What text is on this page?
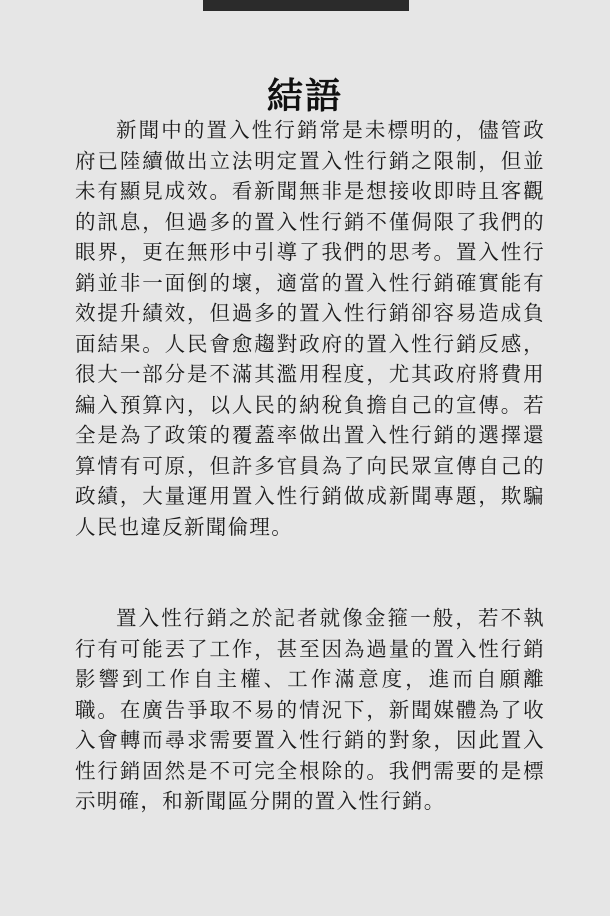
結語

新聞中的置入性行銷常是未標明的，儘管政府已陸續做出立法明定置入性行銷之限制，但並未有顯見成效。看新聞無非是想接收即時且客觀的訊息，但過多的置入性行銷不僅侷限了我們的眼界，更在無形中引導了我們的思考。置入性行銷並非一面倒的壞，適當的置入性行銷確實能有效提升績效，但過多的置入性行銷卻容易造成負面結果。人民會愈趨對政府的置入性行銷反感，很大一部分是不滿其濫用程度，尤其政府將費用編入預算內，以人民的納稅負擔自己的宣傳。若全是為了政策的覆蓋率做出置入性行銷的選擇還算情有可原，但許多官員為了向民眾宣傳自己的政績，大量運用置入性行銷做成新聞專題，欺騙人民也違反新聞倫理。

置入性行銷之於記者就像金箍一般，若不執行有可能丟了工作，甚至因為過量的置入性行銷影響到工作自主權、工作滿意度，進而自願離職。在廣告爭取不易的情況下，新聞媒體為了收入會轉而尋求需要置入性行銷的對象，因此置入性行銷固然是不可完全根除的。我們需要的是標示明確，和新聞區分開的置入性行銷。
